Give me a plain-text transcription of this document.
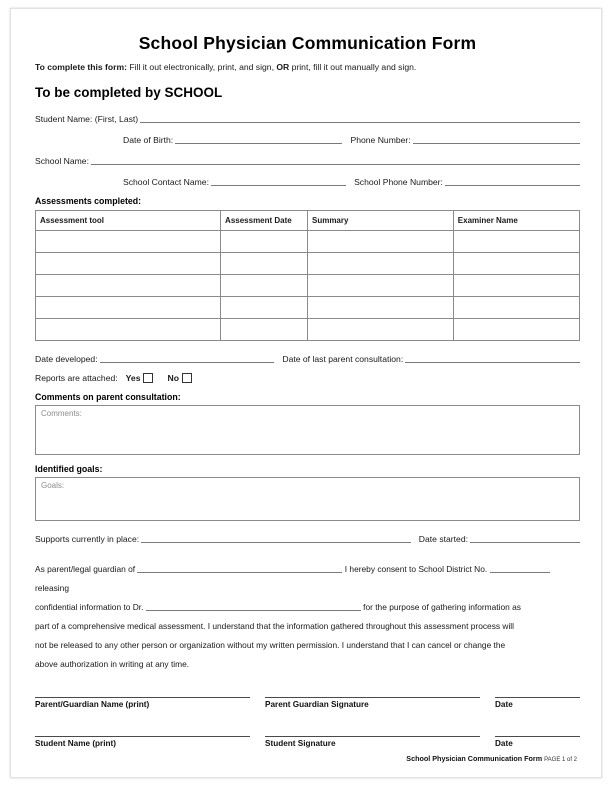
School Physician Communication Form

To complete this form: Fill it out electronically, print, and sign, OR print, fill it out manually and sign.

To be completed by SCHOOL
Student Name: (First, Last)
Date of Birth:	Phone Number:
School Name:
School Contact Name:	School Phone Number:
Assessments completed:
Assessment tool	Assessment Date	Summary	Examiner Name

Date developed:	Date of last parent consultation:
Reports are attached: Yes	No
Comments on parent consultation:
Comments:
Identified goals:
Goals:
Supports currently in place:	Date started:
As parent/legal guardian of	I hereby consent to School District No.  releasing
confidential information to Dr.	for the purpose of gathering information as
part of a comprehensive medical assessment. I understand that the information gathered throughout this assessment process will
not be released to any other person or organization without my written permission. I understand that I can cancel or change the
above authorization in writing at any time.
Parent/Guardian Name (print)	Parent Guardian Signature	Date
Student Name (print)	Student Signature	Date
School Physician Communication Form PAGE 1 of 2
